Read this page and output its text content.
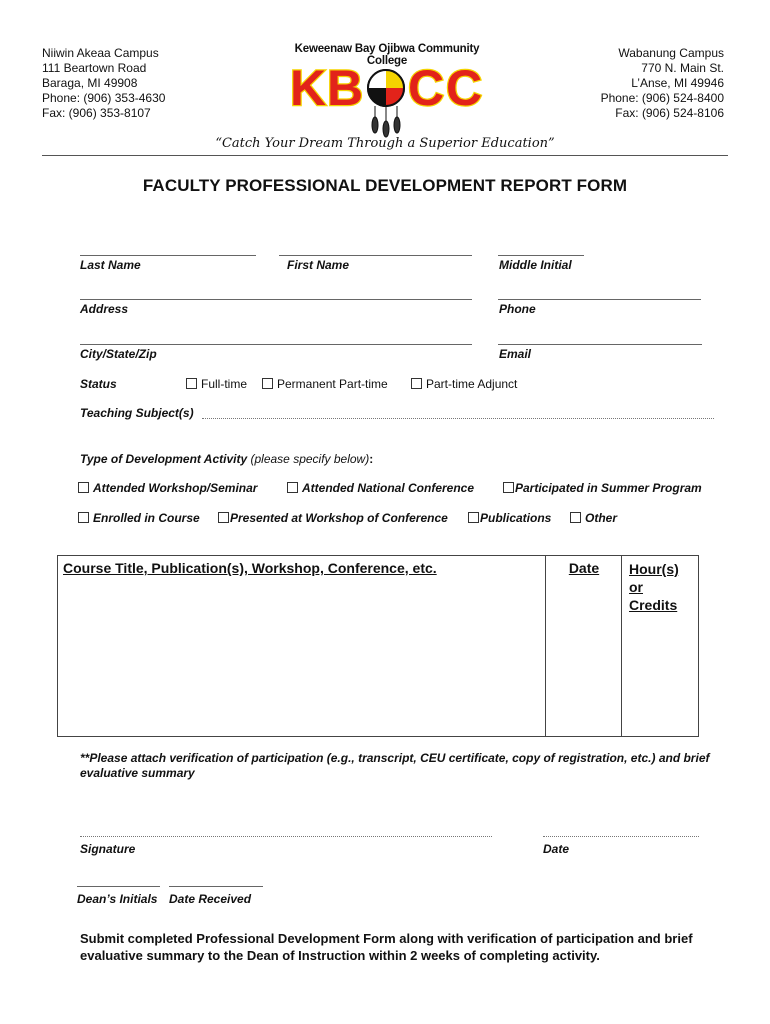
Niiwin Akeaa Campus
111 Beartown Road
Baraga, MI 49908
Phone: (906) 353-4630
Fax: (906) 353-8107
Wabanung Campus
770 N. Main St.
L’Anse, MI 49946
Phone: (906) 524-8400
Fax: (906) 524-8106
Keweenaw Bay Ojibwa Community College
K B C C
“Catch Your Dream Through a Superior Education”
FACULTY PROFESSIONAL DEVELOPMENT REPORT FORM
Last Name	First Name	Middle Initial
Address	Phone
City/State/Zip	Email
Status	Full-time	Permanent Part-time	Part-time Adjunct
Teaching Subject(s)
Type of Development Activity (please specify below):
Attended Workshop/Seminar	Attended National Conference	Participated in Summer Program
Enrolled in Course	Presented at Workshop of Conference	Publications	Other
Course Title, Publication(s), Workshop, Conference, etc.	Date	Hour(s)
or
Credits
**Please attach verification of participation (e.g., transcript, CEU certificate, copy of registration, etc.) and brief evaluative summary
Signature	Date
Dean’s Initials Date Received
Submit completed Professional Development Form along with verification of participation and brief evaluative summary to the Dean of Instruction within 2 weeks of completing activity.
